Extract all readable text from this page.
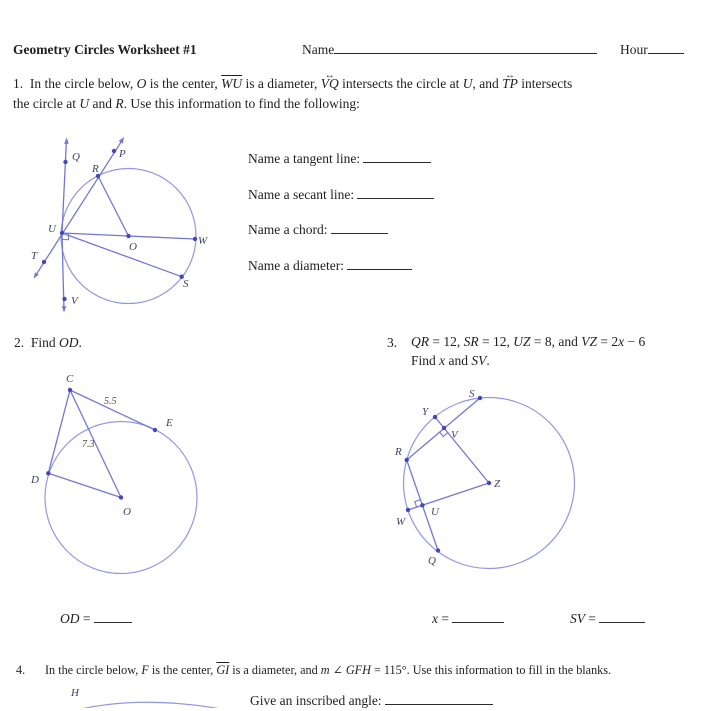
Geometry Circles Worksheet #1	Name	Hour
1.  In the circle below, O is the center, $\overline{WU}$ is a diameter, VQ ↔ intersects the circle at U, and TP ↔ intersects
the circle at U and R. Use this information to find the following:
Q	P
R
U
T
O	W
S
V
Name a tangent line:
Name a secant line:
Name a chord:
Name a diameter:
2.  Find OD.
C
E
D
O
5.5
7.3
3. QR = 12, SR = 12, UZ = 8, and VZ = 2x − 6
Find x and SV.
S
Y
V
R
Z
U
W
Q
OD =	x =	SV =
4. In the circle below, F is the center, $\overline{GI}$ is a diameter, and m ∠ GFH = 115°. Use this information to fill in the blanks.
H	Give an inscribed angle:
